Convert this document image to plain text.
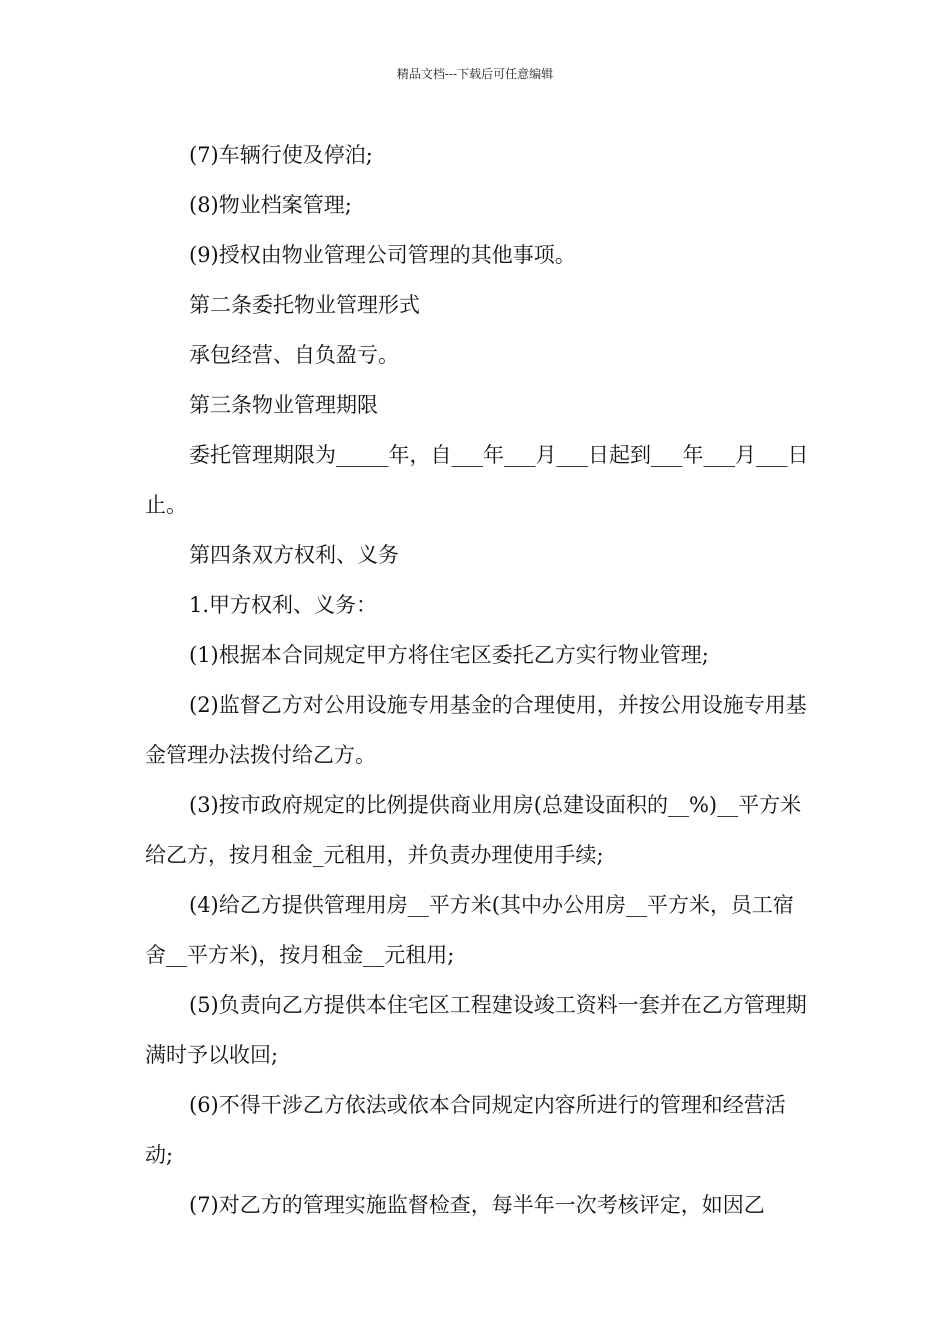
精品文档---下载后可任意编辑

(7)车辆行使及停泊;

(8)物业档案管理;

(9)授权由物业管理公司管理的其他事项。

第二条委托物业管理形式

承包经营、自负盈亏。

第三条物业管理期限

委托管理期限为_____年，自___年___月___日起到___年___月___日止。

第四条双方权利、义务

1.甲方权利、义务：

(1)根据本合同规定甲方将住宅区委托乙方实行物业管理;

(2)监督乙方对公用设施专用基金的合理使用，并按公用设施专用基金管理办法拨付给乙方。

(3)按市政府规定的比例提供商业用房(总建设面积的__%)__平方米给乙方，按月租金_元租用，并负责办理使用手续;

(4)给乙方提供管理用房__平方米(其中办公用房__平方米，员工宿舍__平方米)，按月租金__元租用;

(5)负责向乙方提供本住宅区工程建设竣工资料一套并在乙方管理期满时予以收回;

(6)不得干涉乙方依法或依本合同规定内容所进行的管理和经营活动;

(7)对乙方的管理实施监督检查，每半年一次考核评定，如因乙
